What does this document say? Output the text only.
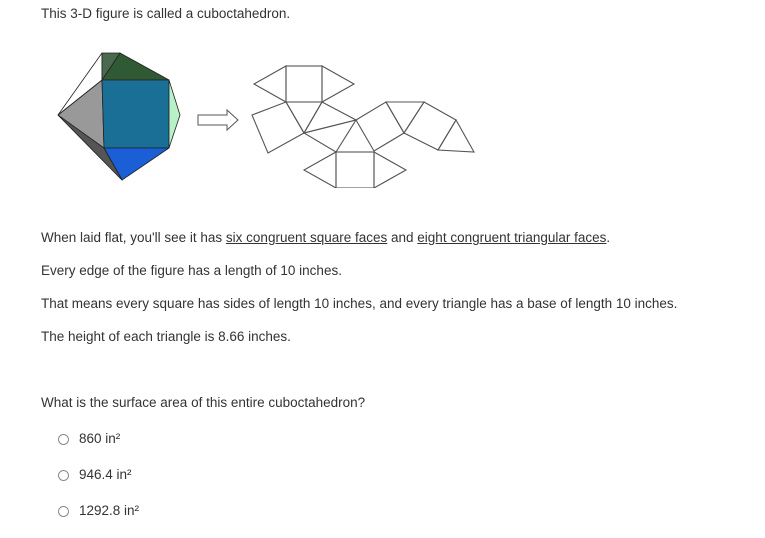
This 3-D figure is called a cuboctahedron.
When laid flat, you'll see it has six congruent square faces and eight congruent triangular faces.
Every edge of the figure has a length of 10 inches.
That means every square has sides of length 10 inches, and every triangle has a base of length 10 inches.
The height of each triangle is 8.66 inches.
What is the surface area of this entire cuboctahedron?
860 in²
946.4 in²
1292.8 in²
